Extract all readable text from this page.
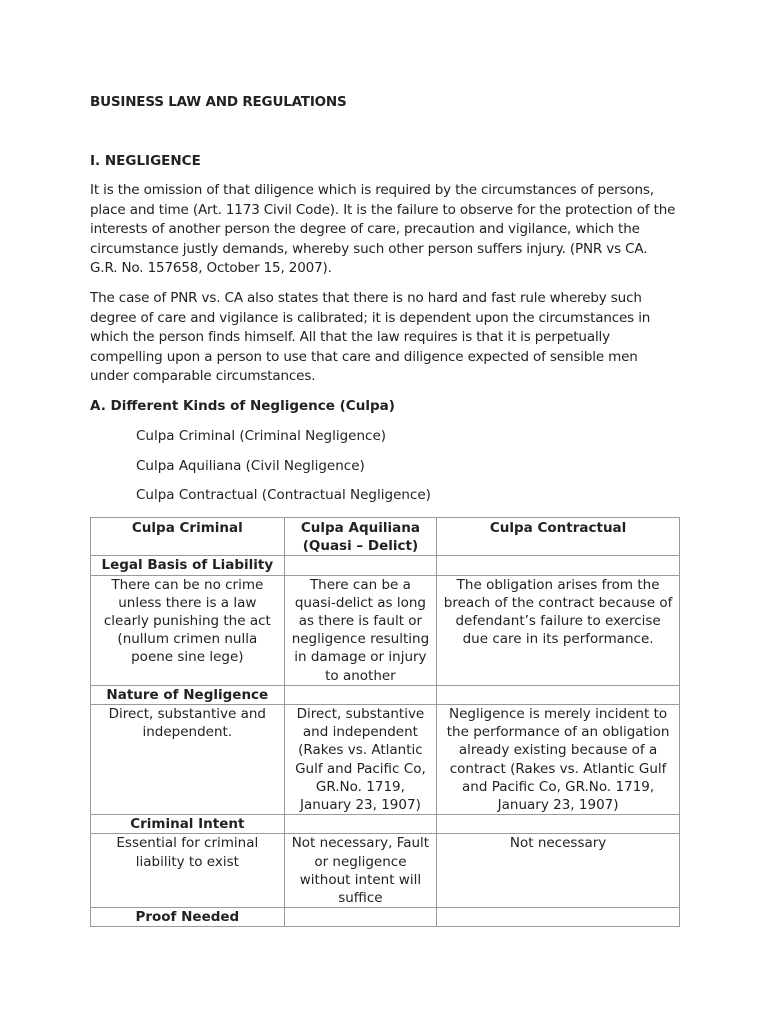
BUSINESS LAW AND REGULATIONS
I. NEGLIGENCE

It is the omission of that diligence which is required by the circumstances of persons, place and time (Art. 1173 Civil Code). It is the failure to observe for the protection of the interests of another person the degree of care, precaution and vigilance, which the circumstance justly demands, whereby such other person suffers injury. (PNR vs CA. G.R. No. 157658, October 15, 2007).

The case of PNR vs. CA also states that there is no hard and fast rule whereby such degree of care and vigilance is calibrated; it is dependent upon the circumstances in which the person finds himself. All that the law requires is that it is perpetually compelling upon a person to use that care and diligence expected of sensible men under comparable circumstances.

A. Different Kinds of Negligence (Culpa)
Culpa Criminal (Criminal Negligence)
Culpa Aquiliana (Civil Negligence)
Culpa Contractual (Contractual Negligence)
Culpa Criminal	Culpa Aquiliana (Quasi – Delict)	Culpa Contractual
Legal Basis of Liability		
There can be no crime unless there is a law clearly punishing the act (nullum crimen nulla poene sine lege)	There can be a quasi-delict as long as there is fault or negligence resulting in damage or injury to another	The obligation arises from the breach of the contract because of defendant’s failure to exercise due care in its performance.
Nature of Negligence		
Direct, substantive and independent.	Direct, substantive and independent (Rakes vs. Atlantic Gulf and Pacific Co, GR.No. 1719, January 23, 1907)	Negligence is merely incident to the performance of an obligation already existing because of a contract (Rakes vs. Atlantic Gulf and Pacific Co, GR.No. 1719, January 23, 1907)
Criminal Intent		
Essential for criminal liability to exist	Not necessary, Fault or negligence without intent will suffice	Not necessary
Proof Needed		
